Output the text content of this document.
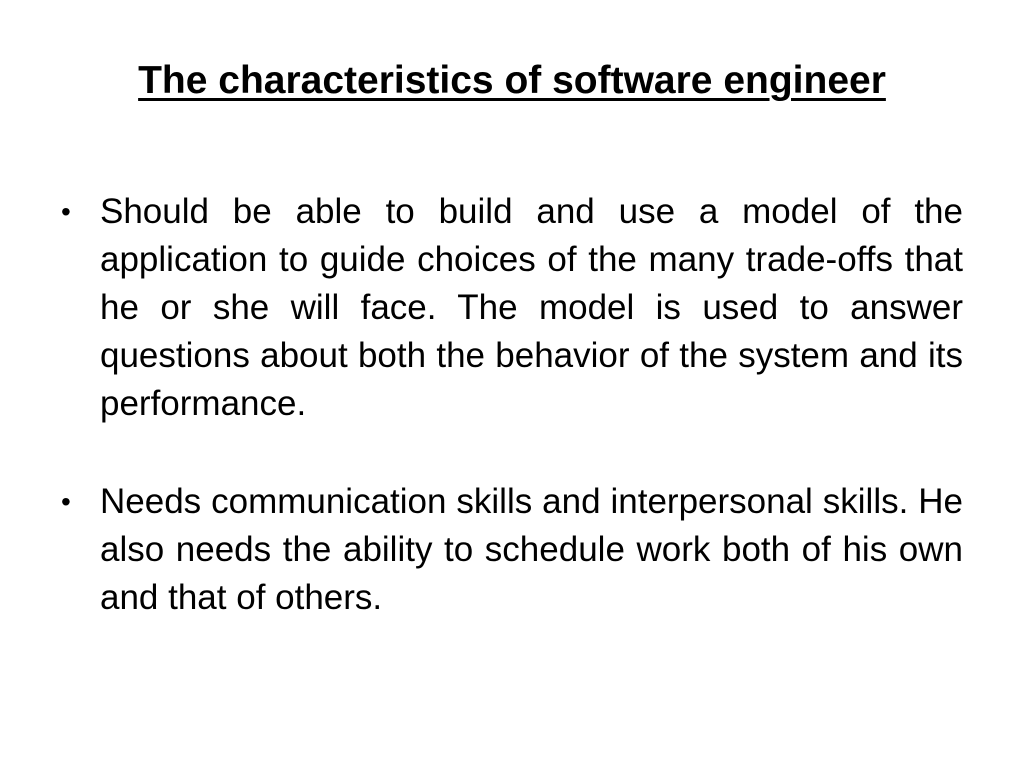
The characteristics of software engineer
• Should be able to build and use a model of the application to guide choices of the many trade-offs that he or she will face. The model is used to answer questions about both the behavior of the system and its performance.
• Needs communication skills and interpersonal skills. He also needs the ability to schedule work both of his own and that of others.
